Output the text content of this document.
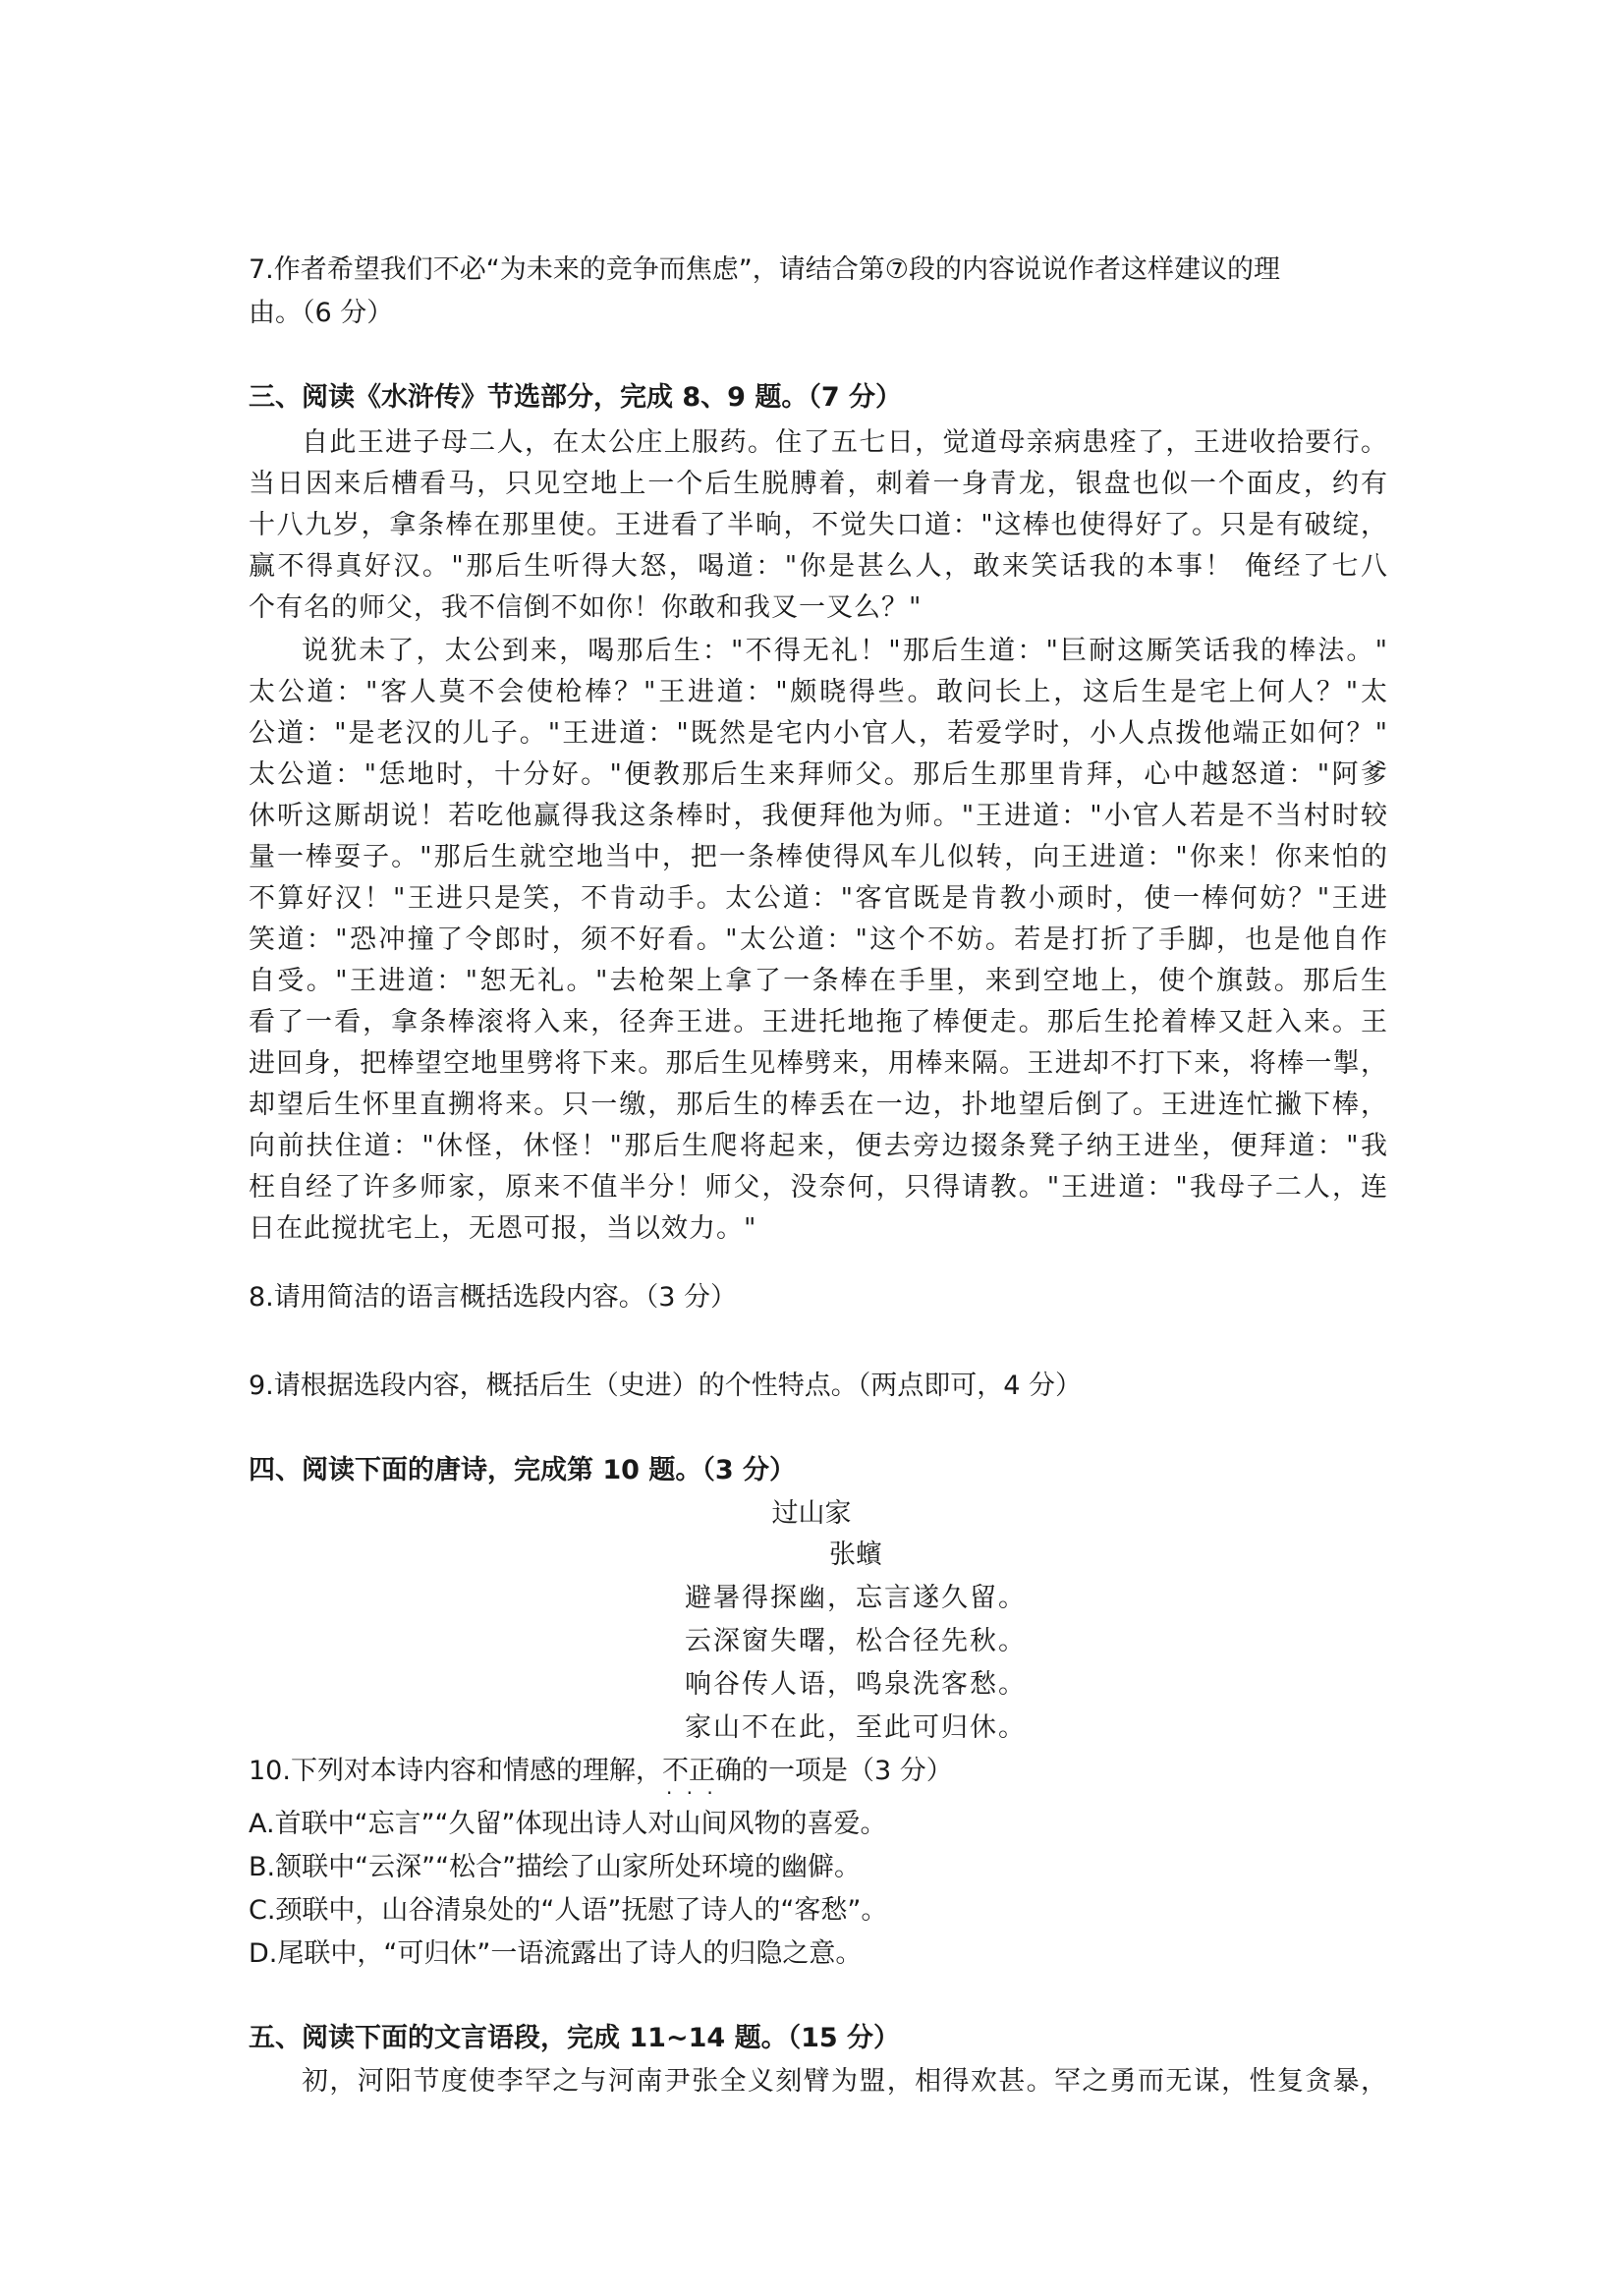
7.作者希望我们不必“为未来的竞争而焦虑”，请结合第⑦段的内容说说作者这样建议的理
由。（6 分）
三、阅读《水浒传》节选部分，完成 8、9 题。（7 分）
自此王进子母二人，在太公庄上服药。住了五七日，觉道母亲病患痊了，王进收拾要行。
当日因来后槽看马，只见空地上一个后生脱膊着，刺着一身青龙，银盘也似一个面皮，约有
十八九岁，拿条棒在那里使。王进看了半晌，不觉失口道："这棒也使得好了。只是有破绽，
赢不得真好汉。"那后生听得大怒，喝道："你是甚么人，敢来笑话我的本事！ 俺经了七八
个有名的师父，我不信倒不如你！你敢和我叉一叉么？"
说犹未了，太公到来，喝那后生："不得无礼！"那后生道："巨耐这厮笑话我的棒法。"
太公道："客人莫不会使枪棒？"王进道："颇晓得些。敢问长上，这后生是宅上何人？"太
公道："是老汉的儿子。"王进道："既然是宅内小官人，若爱学时，小人点拨他端正如何？"
太公道："恁地时，十分好。"便教那后生来拜师父。那后生那里肯拜，心中越怒道："阿爹
休听这厮胡说！若吃他赢得我这条棒时，我便拜他为师。"王进道："小官人若是不当村时较
量一棒耍子。"那后生就空地当中，把一条棒使得风车儿似转，向王进道："你来！你来怕的
不算好汉！"王进只是笑，不肯动手。太公道："客官既是肯教小顽时，使一棒何妨？"王进
笑道："恐冲撞了令郎时，须不好看。"太公道："这个不妨。若是打折了手脚，也是他自作
自受。"王进道："恕无礼。"去枪架上拿了一条棒在手里，来到空地上，使个旗鼓。那后生
看了一看，拿条棒滚将入来，径奔王进。王进托地拖了棒便走。那后生抡着棒又赶入来。王
进回身，把棒望空地里劈将下来。那后生见棒劈来，用棒来隔。王进却不打下来，将棒一掣，
却望后生怀里直搠将来。只一缴，那后生的棒丢在一边，扑地望后倒了。王进连忙撇下棒，
向前扶住道："休怪，休怪！"那后生爬将起来，便去旁边掇条凳子纳王进坐，便拜道："我
枉自经了许多师家，原来不值半分！师父，没奈何，只得请教。"王进道："我母子二人，连
日在此搅扰宅上，无恩可报，当以效力。"
8.请用简洁的语言概括选段内容。（3 分）
9.请根据选段内容，概括后生（史进）的个性特点。（两点即可，4 分）
四、阅读下面的唐诗，完成第 10 题。（3 分）
过山家
张蠙
避暑得探幽，忘言遂久留。
云深窗失曙，松合径先秋。
响谷传人语，鸣泉洗客愁。
家山不在此，至此可归休。
10.下列对本诗内容和情感的理解，不正确 · · ·的一项是（3 分）
A.首联中“忘言”“久留”体现出诗人对山间风物的喜爱。
B.颔联中“云深”“松合”描绘了山家所处环境的幽僻。
C.颈联中，山谷清泉处的“人语”抚慰了诗人的“客愁”。
D.尾联中，“可归休”一语流露出了诗人的归隐之意。
五、阅读下面的文言语段，完成 11~14 题。（15 分）
初，河阳节度使李罕之与河南尹张全义刻臂为盟，相得欢甚。罕之勇而无谋，性复贪暴，
